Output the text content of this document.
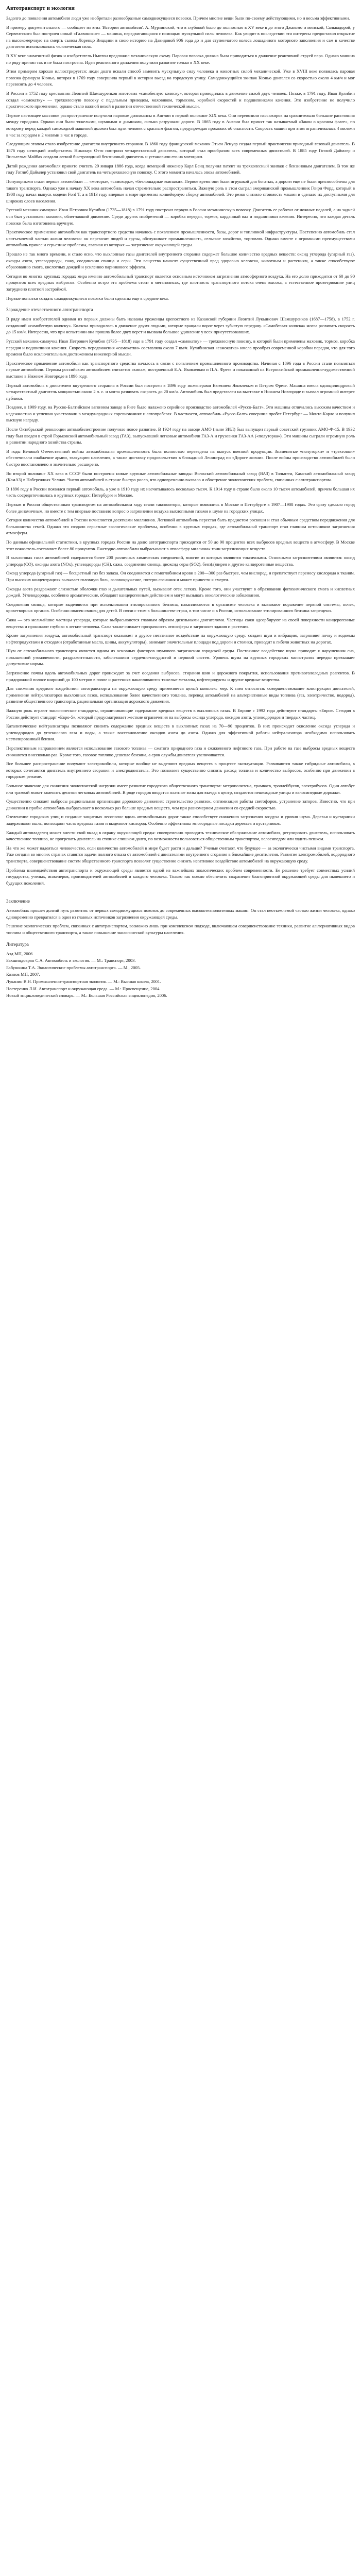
Автотранспорт и экология

Задолго до появления автомобиля люди уже изобретали разнообразные самодвижущиеся повозки. Причем многие вещи были по-своему действующими, но и весьма эффективными.

В примеру документального — сообщает из этих 'Истории автомобиля'. А. Мурзинский, что в глубокой было до полностью в XV веке в до этого Джакомо и минской, Сальвадорой, у Сервентского был построен новый «Галвинские» — машина, передвигающаяся с помощью мускульной силы человека. Как увидит в последствии эти интересы предоставил открытие на высокомерчную на смерть сыном Лоренцо Виццини в свою историю на Давидовой 906 года до и для ступенчатого колеса лошадиного моторного заполнения и сам в качестве двигателя использовалась человеческая сила.

В XV веке знаменитый физик и изобретатель Ньютон предложил механическую схему. Паровая повозка должна была приводиться в движение реактивной струей пара. Однако машина по ряду причин так и не была построена. Идеи реактивного движения получили развитие только в XX веке.

Этим примером хорошо иллюстрируется: люди долго искали способ заменить мускульную силу человека и животных силой механической. Уже в XVIII веке появилась паровая повозка француза Кюньо, которая в 1769 году совершила первый в истории выезд на городскую улицу. Самодвижущийся экипаж Кюньо двигался со скоростью около 4 км/ч и мог перевозить до 4 человек.

В России в 1752 году крестьянин Леонтий Шамшуренков изготовил «самобеглую коляску», которая приводилась в движение силой двух человек. Позже, в 1791 году, Иван Кулибин создал «самокатку» — трехколесную повозку с педальным приводом, маховиком, тормозом, коробкой скоростей и подшипниками качения. Это изобретение не получило практического применения, однако стало важной вехой в развитии отечественной технической мысли.

Первое настоящее массовое распространение получили паровые дилижансы в Англии в первой половине XIX века. Они перевозили пассажиров на сравнительно большие расстояния между городами. Однако они были тяжелыми, шумными и дымными, сильно разрушали дороги. В 1865 году в Англии был принят так называемый «Закон о красном флаге», по которому перед каждой самоходной машиной должен был идти человек с красным флагом, предупреждая прохожих об опасности. Скорость машин при этом ограничивалась 4 милями в час за городом и 2 милями в час в городе.

Следующим этапом стало изобретение двигателя внутреннего сгорания. В 1860 году французский механик Этьен Ленуар создал первый практически пригодный газовый двигатель. В 1876 году немецкий изобретатель Николаус Отто построил четырехтактный двигатель, который стал прообразом всех современных двигателей. В 1885 году Готлиб Даймлер и Вильгельм Майбах создали легкий быстроходный бензиновый двигатель и установили его на мотоцикл.

Датой рождения автомобиля принято считать 29 января 1886 года, когда немецкий инженер Карл Бенц получил патент на трехколесный экипаж с бензиновым двигателем. В том же году Готлиб Даймлер установил свой двигатель на четырехколесную повозку. С этого момента началась эпоха автомобилей.

Популярными стали первые автомобили — «моторы», «самоходы», «безлошадные экипажи». Первое время они были игрушкой для богатых, а дороги еще не были приспособлены для такого транспорта. Однако уже к началу XX века автомобиль начал стремительно распространяться. Важную роль в этом сыграл американский промышленник Генри Форд, который в 1908 году начал выпуск модели Ford T, а в 1913 году впервые в мире применил конвейерную сборку автомобилей. Это резко снизило стоимость машин и сделало их доступными для широких слоев населения.

Русский механик-самоучка Иван Петрович Кулибин (1735—1818) в 1791 году построил первую в России механическую повозку. Двигатель ее работал от ножных педалей, а на задней оси был установлен маховик, облегчавший движение. Среди других изобретений — коробка передач, тормоз, карданный вал и подшипники качения. Интересно, что каждая деталь повозки была изготовлена вручную.

Практическое применение автомобиля как транспортного средства началось с появлением промышленности, базы, дорог и топливной инфраструктуры. Постепенно автомобиль стал неотъемлемой частью жизни человека: он перевозит людей и грузы, обслуживает промышленность, сельское хозяйство, торговлю. Однако вместе с огромными преимуществами автомобиль принес и серьезные проблемы, главная из которых — загрязнение окружающей среды.

Прошло не так много времени, и стало ясно, что выхлопные газы двигателей внутреннего сгорания содержат большое количество вредных веществ: оксид углерода (угарный газ), оксиды азота, углеводороды, сажу, соединения свинца и серы. Эти вещества наносят существенный вред здоровью человека, животным и растениям, а также способствуют образованию смога, кислотных дождей и усилению парникового эффекта.

Сегодня во многих крупных городах мира именно автомобильный транспорт является основным источником загрязнения атмосферного воздуха. На его долю приходится от 60 до 90 процентов всех вредных выбросов. Особенно остро эта проблема стоит в мегаполисах, где плотность транспортного потока очень высока, а естественное проветривание улиц затруднено плотной застройкой.

Первые попытки создать самодвижущиеся повозки были сделаны еще в средние века.

Зарождение отечественного автотранспорта

В ряду имен изобретателей одними из первых должны быть названы уроженцы крепостного из Казанской губернии Леонтий Лукьянович Шамшуренков (1687—1758), в 1752 г. создавший «самобеглую коляску». Коляска приводилась в движение двумя людьми, которые вращали ворот через зубчатую передачу. «Самобеглая коляска» могла развивать скорость до 15 км/ч. Интересно, что при испытании она прошла более двух верст и вызвала большое удивление у всех присутствовавших.

Русский механик-самоучка Иван Петрович Кулибин (1735—1818) еще в 1791 году создал «самокатку» — трехколесную повозку, в которой были применены маховик, тормоз, коробка передач и подшипники качения. Скорость передвижения «самокатки» составляла около 7 км/ч. Кулибинская «самокатка» имела прообраз современной коробки передач, что для того времени было исключительным достижением инженерной мысли.

Практическое применение автомобиля как транспортного средства началось в связи с появлением промышленного производства. Начиная с 1896 года в России стали появляться первые автомобили. Первым российским автомобилем считается экипаж, построенный Е.А. Яковлевым и П.А. Фрезе и показанный на Всероссийской промышленно-художественной выставке в Нижнем Новгороде в 1896 году.

Первый автомобиль с двигателем внутреннего сгорания в России был построен в 1896 году инженерами Евгением Яковлевым и Петром Фрезе. Машина имела одноцилиндровый четырехтактный двигатель мощностью около 2 л. с. и могла развивать скорость до 20 км/ч. Автомобиль был представлен на выставке в Нижнем Новгороде и вызвал огромный интерес публики.

Позднее, в 1909 году, на Русско-Балтийском вагонном заводе в Риге было налажено серийное производство автомобилей «Руссо-Балт». Эти машины отличались высоким качеством и надежностью и успешно участвовали в международных соревнованиях и автопробегах. В частности, автомобиль «Руссо-Балт» совершил пробег Петербург — Монте-Карло и получил высшую награду.

После Октябрьской революции автомобилестроение получило новое развитие. В 1924 году на заводе АМО (ныне ЗИЛ) был выпущен первый советский грузовик АМО-Ф-15. В 1932 году был введен в строй Горьковский автомобильный завод (ГАЗ), выпускавший легковые автомобили ГАЗ-А и грузовики ГАЗ-АА («полуторка»). Эти машины сыграли огромную роль в развитии народного хозяйства страны.

В годы Великой Отечественной войны автомобильная промышленность была полностью переведена на выпуск военной продукции. Знаменитые «полуторки» и «трехтонки» обеспечивали снабжение армии, эвакуацию населения, а также доставку продовольствия в блокадный Ленинград по «Дороге жизни». После войны производство автомобилей было быстро восстановлено и значительно расширено.

Во второй половине XX века в СССР были построены новые крупные автомобильные заводы: Волжский автомобильный завод (ВАЗ) в Тольятти, Камский автомобильный завод (КамАЗ) в Набережных Челнах. Число автомобилей в стране быстро росло, что одновременно вызвало и обострение экологических проблем, связанных с автотранспортом.

В 1896 году в России появился первый автомобиль, а уже в 1910 году их насчитывалось несколько тысяч. К 1914 году в стране было около 10 тысяч автомобилей, причем большая их часть сосредоточивалась в крупных городах: Петербурге и Москве.

Первым в России общественным транспортом на автомобильном ходу стали таксомоторы, которые появились в Москве и Петербурге в 1907—1908 годах. Это сразу сделало город более динамичным, но вместе с тем впервые поставило вопрос о загрязнении воздуха выхлопными газами и шуме на городских улицах.

Сегодня количество автомобилей в России исчисляется десятками миллионов. Легковой автомобиль перестал быть предметом роскоши и стал обычным средством передвижения для большинства семей. Однако это создало серьезные экологические проблемы, особенно в крупных городах, где автомобильный транспорт стал главным источником загрязнения атмосферы.

По данным официальной статистики, в крупных городах России на долю автотранспорта приходится от 50 до 90 процентов всех выбросов вредных веществ в атмосферу. В Москве этот показатель составляет более 80 процентов. Ежегодно автомобили выбрасывают в атмосферу миллионы тонн загрязняющих веществ.

В выхлопных газах автомобилей содержится более 200 различных химических соединений, многие из которых являются токсичными. Основными загрязнителями являются: оксид углерода (CO), оксиды азота (NOx), углеводороды (CH), сажа, соединения свинца, диоксид серы (SO2), бенз(а)пирен и другие канцерогенные вещества.

Оксид углерода (угарный газ) — бесцветный газ без запаха. Он соединяется с гемоглобином крови в 200—300 раз быстрее, чем кислород, и препятствует переносу кислорода к тканям. При высоких концентрациях вызывает головную боль, головокружение, потерю сознания и может привести к смерти.

Оксиды азота раздражают слизистые оболочки глаз и дыхательных путей, вызывают отек легких. Кроме того, они участвуют в образовании фотохимического смога и кислотных дождей. Углеводороды, особенно ароматические, обладают канцерогенным действием и могут вызывать онкологические заболевания.

Соединения свинца, которые выделяются при использовании этилированного бензина, накапливаются в организме человека и вызывают поражение нервной системы, почек, кроветворных органов. Особенно опасен свинец для детей. В связи с этим в большинстве стран, в том числе и в России, использование этилированного бензина запрещено.

Сажа — это мельчайшие частицы углерода, которые выбрасываются главным образом дизельными двигателями. Частицы сажи адсорбируют на своей поверхности канцерогенные вещества и проникают глубоко в легкие человека. Сажа также снижает прозрачность атмосферы и загрязняет здания и растения.

Кроме загрязнения воздуха, автомобильный транспорт оказывает и другое негативное воздействие на окружающую среду: создает шум и вибрацию, загрязняет почву и водоемы нефтепродуктами и отходами (отработанные масла, шины, аккумуляторы), занимает значительные площади под дороги и стоянки, приводит к гибели животных на дорогах.

Шум от автомобильного транспорта является одним из основных факторов шумового загрязнения городской среды. Постоянное воздействие шума приводит к нарушениям сна, повышенной утомляемости, раздражительности, заболеваниям сердечно-сосудистой и нервной систем. Уровень шума на крупных городских магистралях нередко превышает допустимые нормы.

Загрязнение почвы вдоль автомобильных дорог происходит за счет оседания выбросов, стирания шин и дорожного покрытия, использования противогололедных реагентов. В придорожной полосе шириной до 100 метров в почве и растениях накапливаются тяжелые металлы, нефтепродукты и другие вредные вещества.

Для снижения вредного воздействия автотранспорта на окружающую среду применяется целый комплекс мер. К ним относятся: совершенствование конструкции двигателей, применение нейтрализаторов выхлопных газов, использование более качественного топлива, перевод автомобилей на альтернативные виды топлива (газ, электричество, водород), развитие общественного транспорта, рациональная организация дорожного движения.

Важную роль играют экологические стандарты, ограничивающие содержание вредных веществ в выхлопных газах. В Европе с 1992 года действуют стандарты «Евро». Сегодня в России действует стандарт «Евро-5», который предусматривает жесткие ограничения на выбросы оксида углерода, оксидов азота, углеводородов и твердых частиц.

Каталитические нейтрализаторы позволяют снизить содержание вредных веществ в выхлопных газах на 70—90 процентов. В них происходит окисление оксида углерода и углеводородов до углекислого газа и воды, а также восстановление оксидов азота до азота. Однако для эффективной работы нейтрализатора необходимо использовать неэтилированный бензин.

Перспективным направлением является использование газового топлива — сжатого природного газа и сжиженного нефтяного газа. При работе на газе выбросы вредных веществ снижаются в несколько раз. Кроме того, газовое топливо дешевле бензина, а срок службы двигателя увеличивается.

Все большее распространение получают электромобили, которые вообще не выделяют вредных веществ в процессе эксплуатации. Развиваются также гибридные автомобили, в которых сочетаются двигатель внутреннего сгорания и электродвигатель. Это позволяет существенно снизить расход топлива и количество выбросов, особенно при движении в городском режиме.

Большое значение для снижения экологической нагрузки имеет развитие городского общественного транспорта: метрополитена, трамваев, троллейбусов, электробусов. Один автобус или трамвай может заменить десятки легковых автомобилей. В ряде городов вводятся платные зоны для въезда в центр, создаются пешеходные улицы и велосипедные дорожки.

Существенно снижает выбросы рациональная организация дорожного движения: строительство развязок, оптимизация работы светофоров, устранение заторов. Известно, что при движении в пробке автомобиль выбрасывает в несколько раз больше вредных веществ, чем при равномерном движении со средней скоростью.

Озеленение городских улиц и создание защитных лесополос вдоль автомобильных дорог также способствует снижению загрязнения воздуха и уровня шума. Деревья и кустарники задерживают пыль, поглощают часть вредных газов и выделяют кислород. Особенно эффективны многорядные посадки деревьев и кустарников.

Каждый автовладелец может внести свой вклад в охрану окружающей среды: своевременно проводить техническое обслуживание автомобиля, регулировать двигатель, использовать качественное топливо, не прогревать двигатель на стоянке слишком долго, по возможности пользоваться общественным транспортом, велосипедом или ходить пешком.

На что же может надеяться человечество, если количество автомобилей в мире будет расти и дальше? Ученые считают, что будущее — за экологически чистыми видами транспорта. Уже сегодня во многих странах ставятся задачи полного отказа от автомобилей с двигателями внутреннего сгорания в ближайшие десятилетия. Развитие электромобилей, водородного транспорта, совершенствование систем общественного транспорта позволят существенно снизить негативное воздействие автомобилей на окружающую среду.

Проблема взаимодействия автотранспорта и окружающей среды является одной из важнейших экологических проблем современности. Ее решение требует совместных усилий государства, ученых, инженеров, производителей автомобилей и каждого человека. Только так можно обеспечить сохранение благоприятной окружающей среды для нынешнего и будущих поколений.

Заключение

Автомобиль прошел долгий путь развития: от первых самодвижущихся повозок до современных высокотехнологичных машин. Он стал неотъемлемой частью жизни человека, однако одновременно превратился в один из главных источников загрязнения окружающей среды.

Решение экологических проблем, связанных с автотранспортом, возможно лишь при комплексном подходе, включающем совершенствование техники, развитие альтернативных видов топлива и общественного транспорта, а также повышение экологической культуры населения.

Литература
Азд МП, 2006
Бахшиндоврян С.А. Автомобиль и экология. — М.: Транспорт, 2003.
Бабушкина Т.А. Экологические проблемы автотранспорта. — М., 2005.
Кознов МП, 2007.
Луканин В.Н. Промышленно-транспортная экология. — М.: Высшая школа, 2001.
Нестеренко Л.И. Автотранспорт и окружающая среда. — М.: Просвещение, 2004.
Новый энциклопедический словарь. — М.: Большая Российская энциклопедия, 2006.
